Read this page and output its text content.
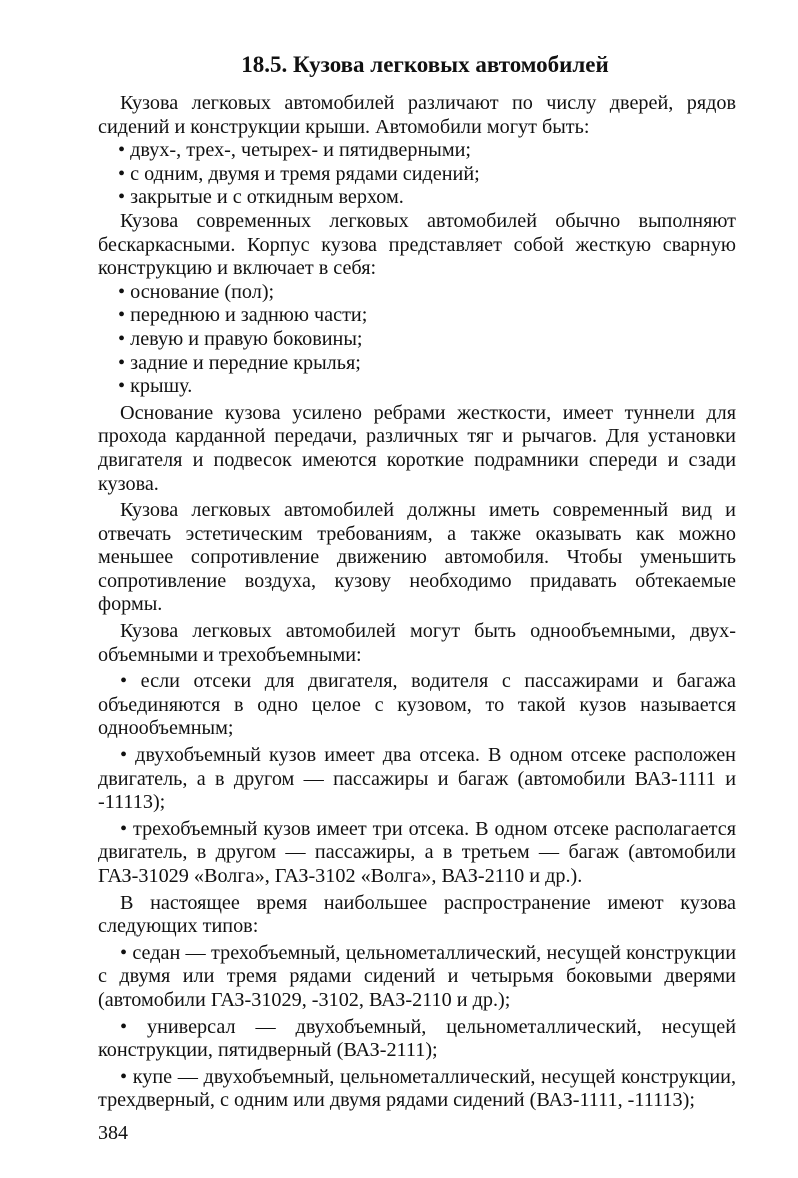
18.5. Кузова легковых автомобилей

Кузова легковых автомобилей различают по числу дверей, рядов сидений и конструкции крыши. Автомобили могут быть:

• двух-, трех-, четырех- и пятидверными;

• с одним, двумя и тремя рядами сидений;

• закрытые и с откидным верхом.

Кузова современных легковых автомобилей обычно выполняют бескаркасными. Корпус кузова представляет собой жесткую сварную конструкцию и включает в себя:

• основание (пол);

• переднюю и заднюю части;

• левую и правую боковины;

• задние и передние крылья;

• крышу.

Основание кузова усилено ребрами жесткости, имеет туннели для прохода карданной передачи, различных тяг и рычагов. Для установки двигателя и подвесок имеются короткие подрамники спереди и сзади кузова.

Кузова легковых автомобилей должны иметь современный вид и отвечать эстетическим требованиям, а также оказывать как можно меньшее сопротивление движению автомобиля. Чтобы уменьшить сопротивление воздуха, кузову необходимо придавать обтекаемые формы.

Кузова легковых автомобилей могут быть однообъемными, двухобъемными и трехобъемными:

• если отсеки для двигателя, водителя с пассажирами и багажа объединяются в одно целое с кузовом, то такой кузов называется однообъемным;

• двухобъемный кузов имеет два отсека. В одном отсеке расположен двигатель, а в другом — пассажиры и багаж (автомобили ВАЗ-1111 и -11113);

• трехобъемный кузов имеет три отсека. В одном отсеке располагается двигатель, в другом — пассажиры, а в третьем — багаж (автомобили ГАЗ-31029 «Волга», ГАЗ-3102 «Волга», ВАЗ-2110 и др.).

В настоящее время наибольшее распространение имеют кузова следующих типов:

• седан — трехобъемный, цельнометаллический, несущей конструкции с двумя или тремя рядами сидений и четырьмя боковыми дверями (автомобили ГАЗ-31029, -3102, ВАЗ-2110 и др.);

• универсал — двухобъемный, цельнометаллический, несущей конструкции, пятидверный (ВАЗ-2111);

• купе — двухобъемный, цельнометаллический, несущей конструкции, трехдверный, с одним или двумя рядами сидений (ВАЗ-1111, -11113);

384
